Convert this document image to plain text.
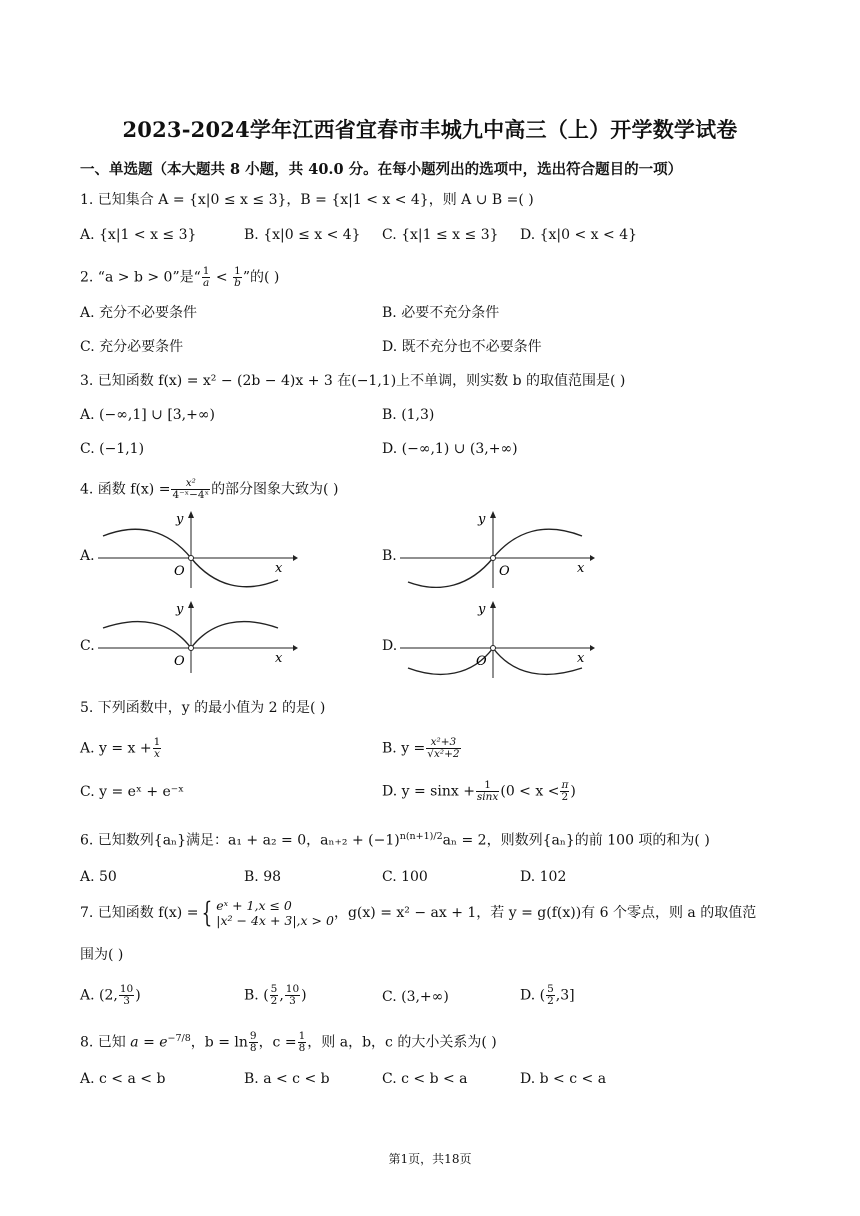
2023-2024学年江西省宜春市丰城九中高三（上）开学数学试卷
一、单选题（本大题共 8 小题，共 40.0 分。在每小题列出的选项中，选出符合题目的一项）
1. 已知集合 A = {x|0 ≤ x ≤ 3}，B = {x|1 < x < 4}，则 A ∪ B =( )
A. {x|1 < x ≤ 3}	B. {x|0 ≤ x < 4} C. {x|1 ≤ x ≤ 3} D. {x|0 < x < 4}
2. “a > b > 0”是“ $\frac{1}{a} < \frac{1}{b}$ ”的( )
A. 充分不必要条件	B. 必要不充分条件
C. 充分必要条件	D. 既不充分也不必要条件
3. 已知函数 f(x) = x² − (2b − 4)x + 3 在(−1,1)上不单调，则实数 b 的取值范围是( )
A. (−∞,1] ∪ [3,+∞)	B. (1,3)
C. (−1,1)	D. (−∞,1) ∪ (3,+∞)
4. 函数 $f(x) = \frac{\text{x²}}{\text{4⁻ˣ−4ˣ}}$ 的部分图象大致为( )
A.	B.
C.	D.
y
x
O
y
x
O
y
x
O
y
x
O
5. 下列函数中，y 的最小值为 2 的是( )
A. $y = x + \frac{1}{x}$	B. $y = \frac{\text{x²+3}}{\text{√x²+2}}$
C. y = eˣ + e⁻ˣ	D. $y = \sin x + \frac{1}{\sin x} (0 < x < \frac{\pi}{2}$ )
6. 已知数列{aₙ}满足：a₁ + a₂ = 0，$a_{n+2} + (-1)^{n(n+1)/2}a_n = 2$，则数列{aₙ}的前 100 项的和为( )
A. 50	B. 98	C. 100	D. 102
7. 已知函数 f(x) = { eˣ + 1,x ≤ 0
|x² − 4x + 3|,x > 0 ，g(x) = x² − ax + 1，若 y = g(f(x))有 6 个零点，则 a 的取值范
围为( )
A. (2, $\frac{10}{3}$ )	B. ( $\frac{5}{2}$ , $\frac{10}{3}$ )	C. (3,+∞)	D. ( $\frac{5}{2} ,3$]
8. 已知 $a = e^{-7/8}$，$b = \ln \frac{9}{8}$ ，$c = \frac{1}{8}$ ，则 a，b，c 的大小关系为( )
A. c < a < b	B. a < c < b	C. c < b < a	D. b < c < a
第1页，共18页
